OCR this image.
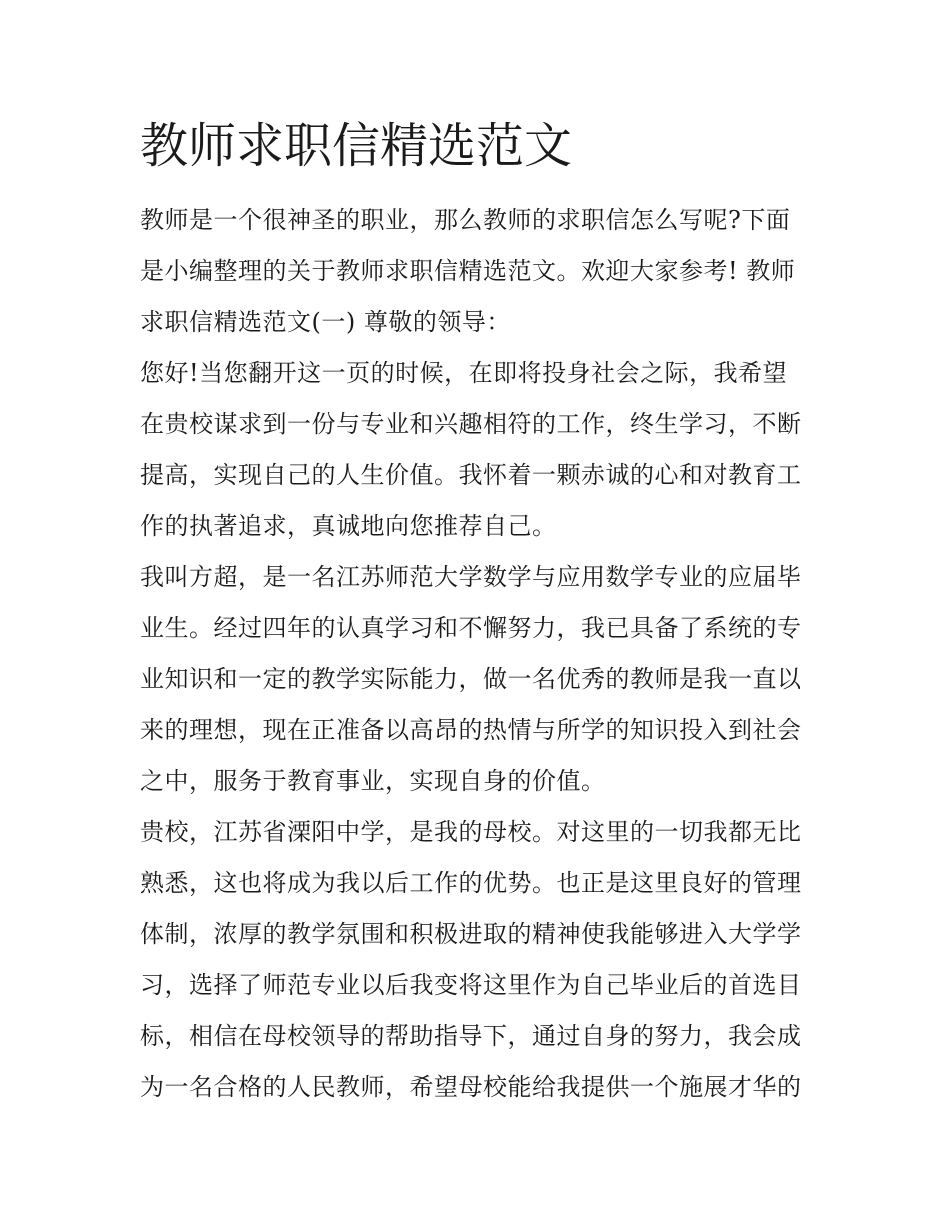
教师求职信精选范文
教师是一个很神圣的职业，那么教师的求职信怎么写呢?下面
是小编整理的关于教师求职信精选范文。欢迎大家参考! 教师
求职信精选范文(一) 尊敬的领导：
您好!当您翻开这一页的时候，在即将投身社会之际，我希望
在贵校谋求到一份与专业和兴趣相符的工作，终生学习，不断
提高，实现自己的人生价值。我怀着一颗赤诚的心和对教育工
作的执著追求，真诚地向您推荐自己。
我叫方超，是一名江苏师范大学数学与应用数学专业的应届毕
业生。经过四年的认真学习和不懈努力，我已具备了系统的专
业知识和一定的教学实际能力，做一名优秀的教师是我一直以
来的理想，现在正准备以高昂的热情与所学的知识投入到社会
之中，服务于教育事业，实现自身的价值。
贵校，江苏省溧阳中学，是我的母校。对这里的一切我都无比
熟悉，这也将成为我以后工作的优势。也正是这里良好的管理
体制，浓厚的教学氛围和积极进取的精神使我能够进入大学学
习，选择了师范专业以后我变将这里作为自己毕业后的首选目
标，相信在母校领导的帮助指导下，通过自身的努力，我会成
为一名合格的人民教师，希望母校能给我提供一个施展才华的
